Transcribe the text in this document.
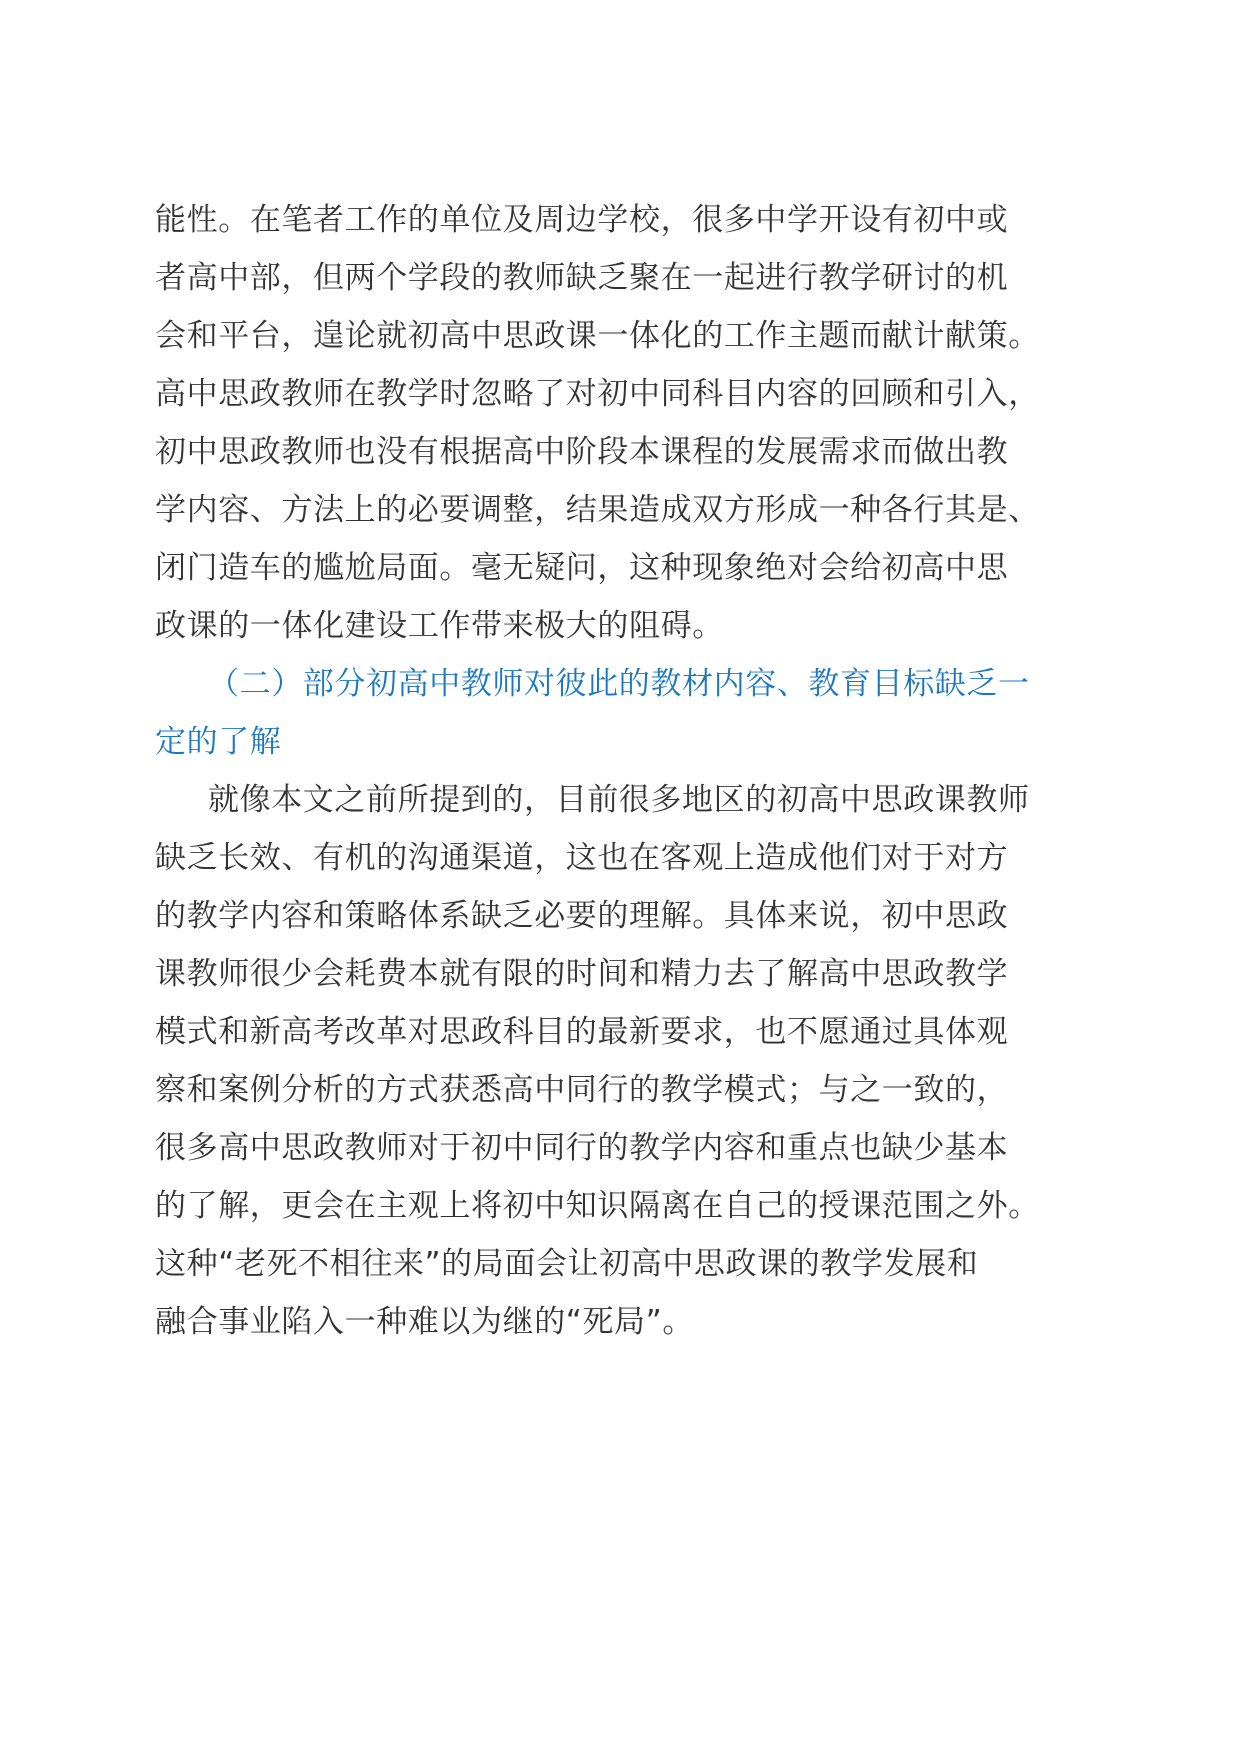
能性。在笔者工作的单位及周边学校，很多中学开设有初中或
者高中部，但两个学段的教师缺乏聚在一起进行教学研讨的机
会和平台，遑论就初高中思政课一体化的工作主题而献计献策。
高中思政教师在教学时忽略了对初中同科目内容的回顾和引入，
初中思政教师也没有根据高中阶段本课程的发展需求而做出教
学内容、方法上的必要调整，结果造成双方形成一种各行其是、
闭门造车的尴尬局面。毫无疑问，这种现象绝对会给初高中思
政课的一体化建设工作带来极大的阻碍。
（二）部分初高中教师对彼此的教材内容、教育目标缺乏一
定的了解
就像本文之前所提到的，目前很多地区的初高中思政课教师
缺乏长效、有机的沟通渠道，这也在客观上造成他们对于对方
的教学内容和策略体系缺乏必要的理解。具体来说，初中思政
课教师很少会耗费本就有限的时间和精力去了解高中思政教学
模式和新高考改革对思政科目的最新要求，也不愿通过具体观
察和案例分析的方式获悉高中同行的教学模式；与之一致的，
很多高中思政教师对于初中同行的教学内容和重点也缺少基本
的了解，更会在主观上将初中知识隔离在自己的授课范围之外。
这种“老死不相往来”的局面会让初高中思政课的教学发展和
融合事业陷入一种难以为继的“死局”。
